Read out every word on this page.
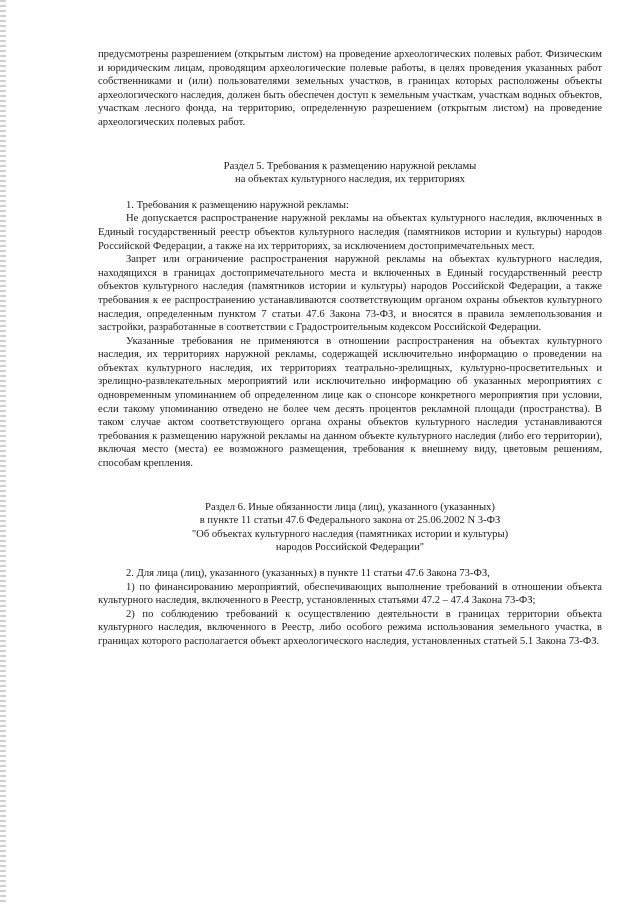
предусмотрены разрешением (открытым листом) на проведение археологических полевых работ. Физическим и юридическим лицам, проводящим археологические полевые работы, в целях проведения указанных работ собственниками и (или) пользователями земельных участков, в границах которых расположены объекты археологического наследия, должен быть обеспечен доступ к земельным участкам, участкам водных объектов, участкам лесного фонда, на территорию, определенную разрешением (открытым листом) на проведение археологических полевых работ.

Раздел 5. Требования к размещению наружной рекламы
на объектах культурного наследия, их территориях

1. Требования к размещению наружной рекламы:

Не допускается распространение наружной рекламы на объектах культурного наследия, включенных в Единый государственный реестр объектов культурного наследия (памятников истории и культуры) народов Российской Федерации, а также на их территориях, за исключением достопримечательных мест.

Запрет или ограничение распространения наружной рекламы на объектах культурного наследия, находящихся в границах достопримечательного места и включенных в Единый государственный реестр объектов культурного наследия (памятников истории и культуры) народов Российской Федерации, а также требования к ее распространению устанавливаются соответствующим органом охраны объектов культурного наследия, определенным пунктом 7 статьи 47.6 Закона 73-ФЗ, и вносятся в правила землепользования и застройки, разработанные в соответствии с Градостроительным кодексом Российской Федерации.

Указанные требования не применяются в отношении распространения на объектах культурного наследия, их территориях наружной рекламы, содержащей исключительно информацию о проведении на объектах культурного наследия, их территориях театрально-зрелищных, культурно-просветительных и зрелищно-развлекательных мероприятий или исключительно информацию об указанных мероприятиях с одновременным упоминанием об определенном лице как о спонсоре конкретного мероприятия при условии, если такому упоминанию отведено не более чем десять процентов рекламной площади (пространства). В таком случае актом соответствующего органа охраны объектов культурного наследия устанавливаются требования к размещению наружной рекламы на данном объекте культурного наследия (либо его территории), включая место (места) ее возможного размещения, требования к внешнему виду, цветовым решениям, способам крепления.

Раздел 6. Иные обязанности лица (лиц), указанного (указанных)
в пункте 11 статьи 47.6 Федерального закона от 25.06.2002 N 3-ФЗ
"Об объектах культурного наследия (памятниках истории и культуры)
народов Российской Федерации"

2. Для лица (лиц), указанного (указанных) в пункте 11 статьи 47.6 Закона 73-ФЗ,

1) по финансированию мероприятий, обеспечивающих выполнение требований в отношении объекта культурного наследия, включенного в Реестр, установленных статьями 47.2 – 47.4 Закона 73-ФЗ;

2) по соблюдению требований к осуществлению деятельности в границах территории объекта культурного наследия, включенного в Реестр, либо особого режима использования земельного участка, в границах которого располагается объект археологического наследия, установленных статьей 5.1 Закона 73-ФЗ.
